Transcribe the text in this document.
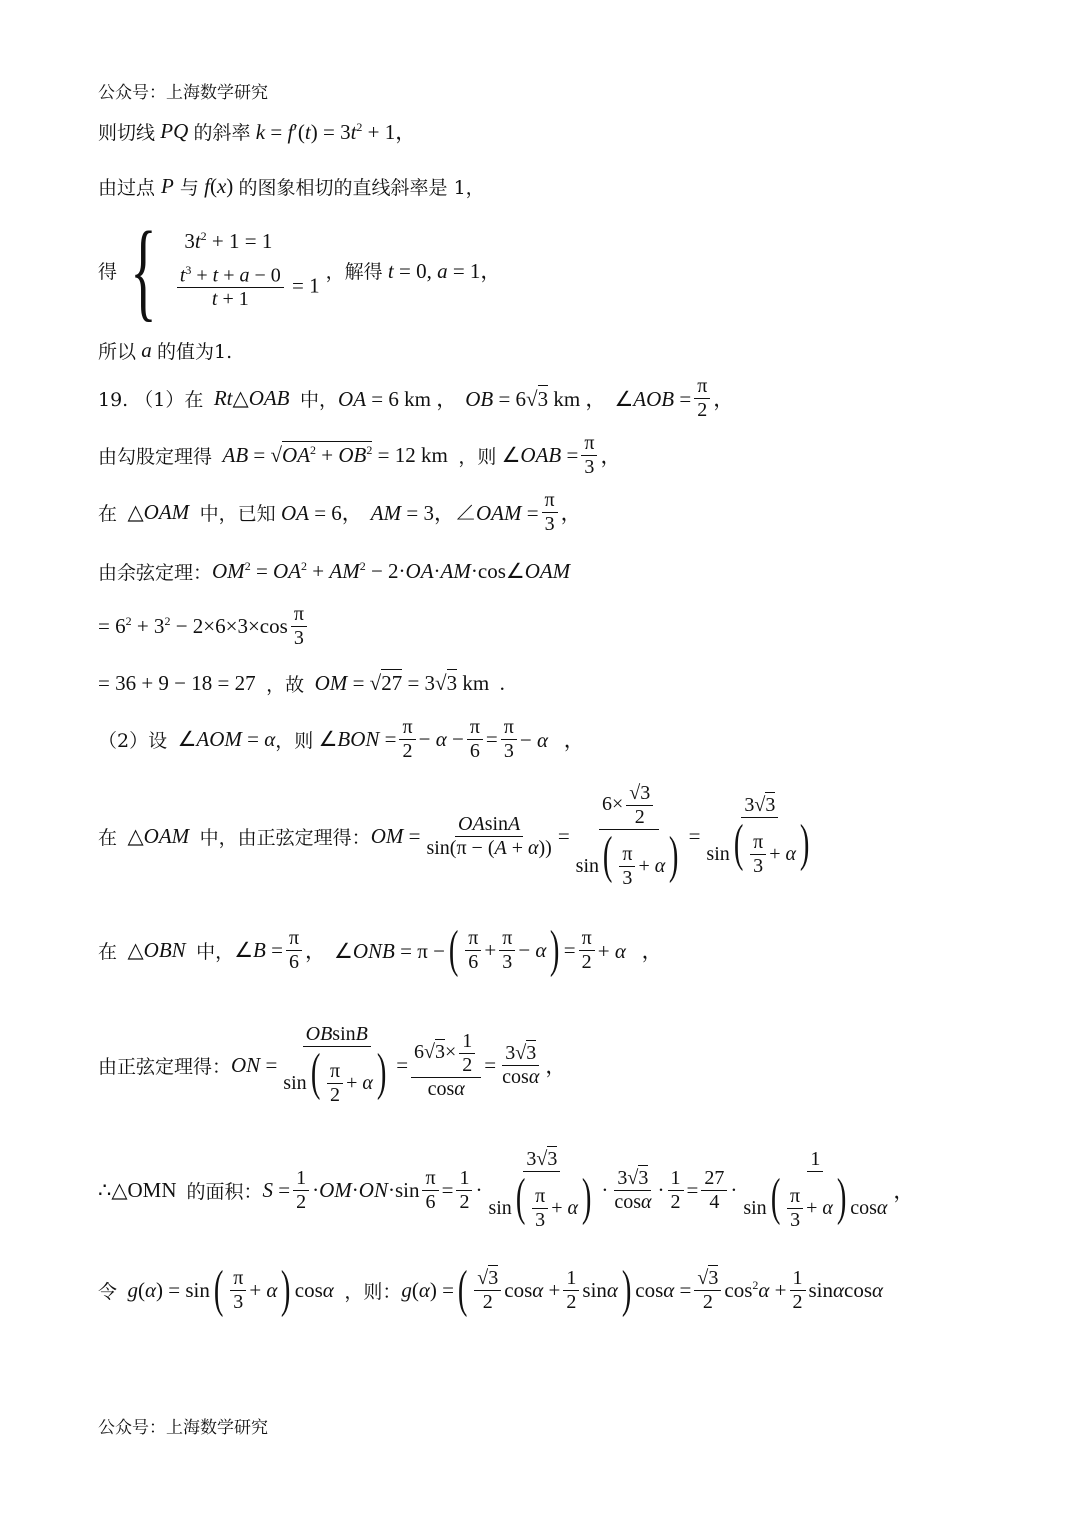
公众号：上海数学研究
则切线 PQ 的斜率 $k = f'(t) = 3t^2 + 1$，
由过点 P 与 f(x) 的图象相切的直线斜率是 1，
得 { $3t^2 + 1 = 1$
$\frac{t^3 + t + a - 0}{t + 1} = 1$
，解得 t = 0, a = 1，
所以 a 的值为1.
19. （1）在 Rt△OAB 中， OA = 6 km ， OB = 6√3 km ， ∠AOB = $\frac{\pi}{2}$ ，
由勾股定理得 AB = $√OA^2 + OB^2 = 12$ km ，则 ∠OAB = $\frac{\pi}{3}$ ，
在 △OAM 中，已知 OA = 6， AM = 3，∠OAM = $\frac{\pi}{3}$ ，
由余弦定理： $OM^2 = OA^2 + AM^2$ − 2·OA·AM·cos∠OAM
= $6^2 + 3^2 - 2\times 6\times 3\times\cos \frac{\pi}{3}$
= 36 + 9 − 18 = 27 ，故 OM = √27 = 3√3 km  .
（2）设 ∠AOM = α ，则 ∠BON = $\frac{\pi}{2} - \alpha - \frac{\pi}{6} = \frac{\pi}{3} - \alpha$   ，
在 △OAM 中，由正弦定理得： OM = $\frac{OAsinA}{\sin(\pi - (A + \alpha))} = \frac{6\times \frac{√3}{2}}{\sin( \frac{\pi}{3} + \alpha)} = \frac{3√3}{\sin( \frac{\pi}{3} + \alpha)}$
在 △OBN 中， ∠B = $\frac{\pi}{6}$ ， ∠ONB = π − ( $\frac{\pi}{6} + \frac{\pi}{3} - \alpha$ ) = $\frac{\pi}{2} + \alpha$   ，
由正弦定理得： ON = $\frac{OBsinB}{\sin( \frac{\pi}{2} + \alpha)} = \frac{6√3\times \frac{1}{2}}{\cos\alpha} = \frac{3√3}{\cos\alpha}$ ，
∴△OMN 的面积： $S = \frac{1}{2} \cdot OM\cdot ON\cdot\sin \frac{\pi}{6} = \frac{1}{2} \cdot \frac{3√3}{\sin( \frac{\pi}{3} + \alpha)} \cdot \frac{3√3}{\cos\alpha} \cdot \frac{1}{2} = \frac{27}{4} \cdot \frac{1}{\sin( \frac{\pi}{3} + \alpha) \cos\alpha}$ ，
令 g(α) = sin ( $\frac{\pi}{3} + \alpha$ ) cosα ，则： g(α) = ( $\frac{√3}{2}$ $\cos\alpha + \frac{1}{2}$ sinα ) $\cos\alpha = \frac{√3}{2} \cos^2\alpha + \frac{1}{2}$ sinαcosα
公众号：上海数学研究
